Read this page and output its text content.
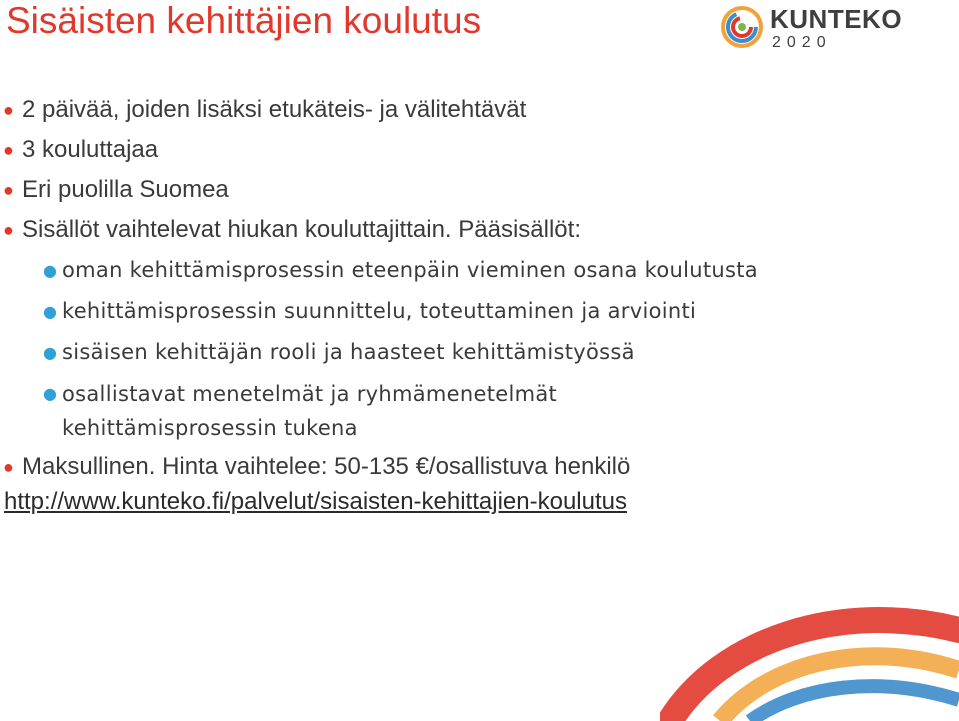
Sisäisten kehittäjien koulutus	KUNTEKO
2020
● 2 päivää, joiden lisäksi etukäteis- ja välitehtävät
● 3 kouluttajaa
● Eri puolilla Suomea
● Sisällöt vaihtelevat hiukan kouluttajittain. Pääsisällöt:
● oman kehittämisprosessin eteenpäin vieminen osana koulutusta
● kehittämisprosessin suunnittelu, toteuttaminen ja arviointi
● sisäisen kehittäjän rooli ja haasteet kehittämistyössä
● osallistavat menetelmät ja ryhmämenetelmät kehittämisprosessin tukena
● Maksullinen. Hinta vaihtelee: 50-135 €/osallistuva henkilö
http://www.kunteko.fi/palvelut/sisaisten-kehittajien-koulutus
